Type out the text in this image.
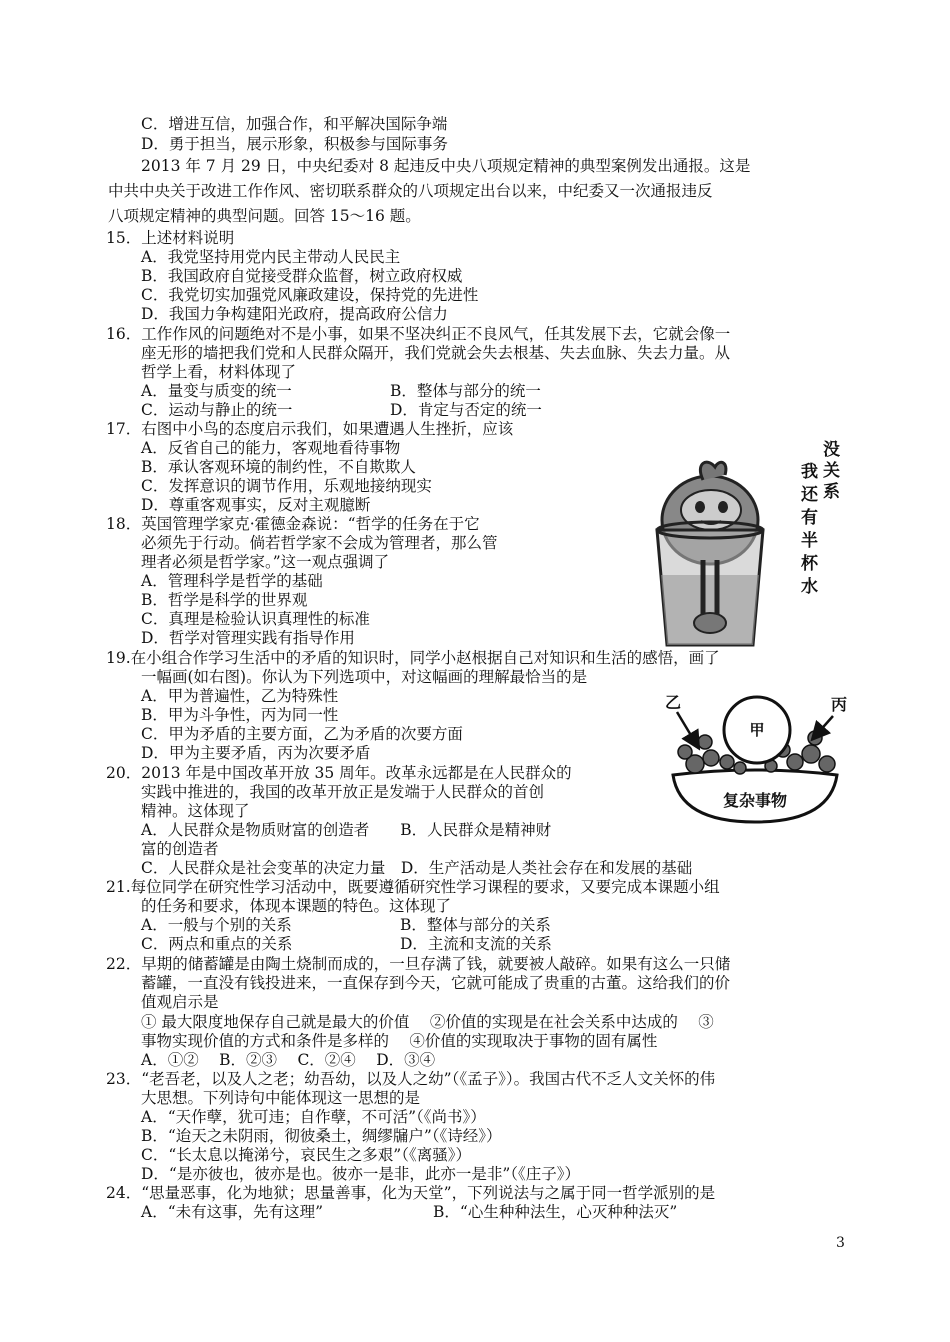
C．增进互信，加强合作，和平解决国际争端
D．勇于担当，展示形象，积极参与国际事务
2013 年 7 月 29 日，中央纪委对 8 起违反中央八项规定精神的典型案例发出通报。这是
中共中央关于改进工作作风、密切联系群众的八项规定出台以来，中纪委又一次通报违反
八项规定精神的典型问题。回答 15～16 题。
15．上述材料说明
A．我党坚持用党内民主带动人民民主
B．我国政府自觉接受群众监督，树立政府权威
C．我党切实加强党风廉政建设，保持党的先进性
D．我国力争构建阳光政府，提高政府公信力
16．工作作风的问题绝对不是小事，如果不坚决纠正不良风气，任其发展下去，它就会像一
座无形的墙把我们党和人民群众隔开，我们党就会失去根基、失去血脉、失去力量。从
哲学上看，材料体现了
A．量变与质变的统一	B．整体与部分的统一
C．运动与静止的统一	D．肯定与否定的统一
17．右图中小鸟的态度启示我们，如果遭遇人生挫折，应该
A．反省自己的能力，客观地看待事物
B．承认客观环境的制约性，不自欺欺人
C．发挥意识的调节作用，乐观地接纳现实
D．尊重客观事实，反对主观臆断
18．英国管理学家克·霍德金森说：“哲学的任务在于它
必须先于行动。倘若哲学家不会成为管理者，那么管
理者必须是哲学家。”这一观点强调了
A．管理科学是哲学的基础
B．哲学是科学的世界观
C．真理是检验认识真理性的标准
D．哲学对管理实践有指导作用
没关系
我还有半杯水
19.在小组合作学习生活中的矛盾的知识时，同学小赵根据自己对知识和生活的感悟，画了
一幅画(如右图)。你认为下列选项中，对这幅画的理解最恰当的是
A．甲为普遍性，乙为特殊性
B．甲为斗争性，丙为同一性
C．甲为矛盾的主要方面，乙为矛盾的次要方面
D．甲为主要矛盾，丙为次要矛盾
复杂事物
甲
乙	丙
20．2013 年是中国改革开放 35 周年。改革永远都是在人民群众的
实践中推进的，我国的改革开放正是发端于人民群众的首创
精神。这体现了
A．人民群众是物质财富的创造者　　B．人民群众是精神财
富的创造者
C．人民群众是社会变革的决定力量　D．生产活动是人类社会存在和发展的基础
21.每位同学在研究性学习活动中，既要遵循研究性学习课程的要求，又要完成本课题小组
的任务和要求，体现本课题的特色。这体现了
A．一般与个别的关系	B．整体与部分的关系
C．两点和重点的关系	D．主流和支流的关系
22．早期的储蓄罐是由陶土烧制而成的，一旦存满了钱，就要被人敲碎。如果有这么一只储
蓄罐，一直没有钱投进来，一直保存到今天，它就可能成了贵重的古董。这给我们的价
值观启示是
① 最大限度地保存自己就是最大的价值　 ②价值的实现是在社会关系中达成的　 ③
事物实现价值的方式和条件是多样的　 ④价值的实现取决于事物的固有属性
A．①②　 B．②③　 C．②④　 D．③④
23．“老吾老，以及人之老；幼吾幼，以及人之幼”（《孟子》）。我国古代不乏人文关怀的伟
大思想。下列诗句中能体现这一思想的是
A．“天作孽，犹可违；自作孽，不可活”（《尚书》）
B．“迨天之未阴雨，彻彼桑土，绸缪牖户”（《诗经》）
C．“长太息以掩涕兮，哀民生之多艰”（《离骚》）
D．“是亦彼也，彼亦是也。彼亦一是非，此亦一是非”（《庄子》）
24．“思量恶事，化为地狱；思量善事，化为天堂”，下列说法与之属于同一哲学派别的是
A．“未有这事，先有这理”	B．“心生种种法生，心灭种种法灭”
3
